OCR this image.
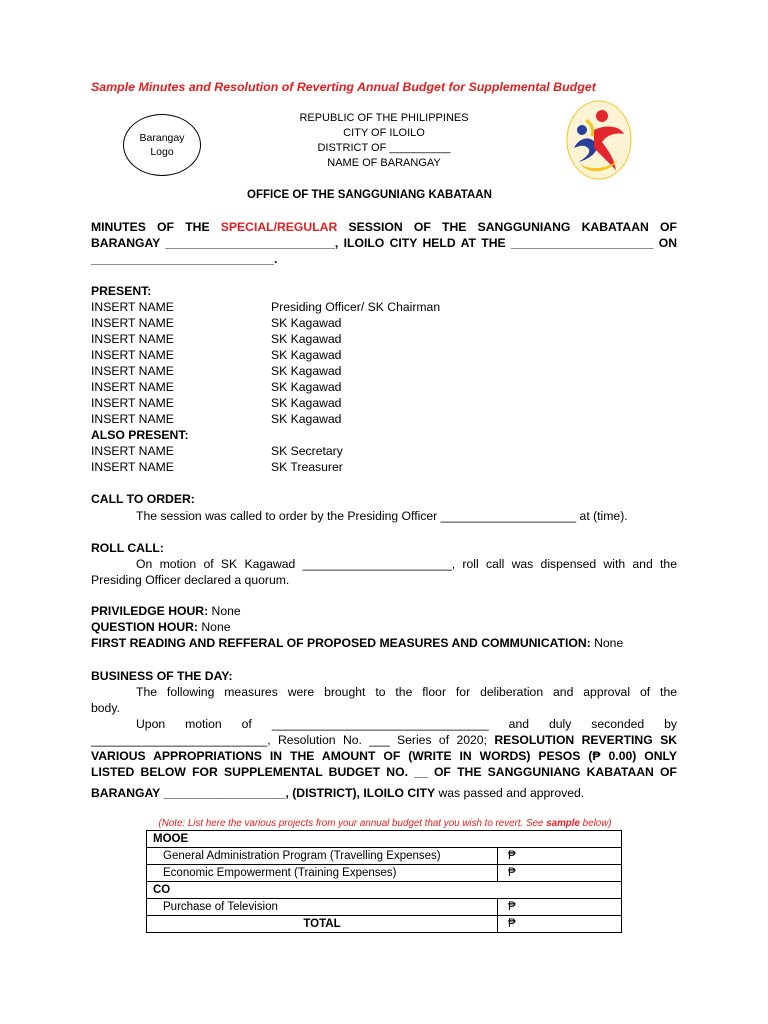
Sample Minutes and Resolution of Reverting Annual Budget for Supplemental Budget
Barangay
Logo
REPUBLIC OF THE PHILIPPINES
CITY OF ILOILO
DISTRICT OF __________
NAME OF BARANGAY
OFFICE OF THE SANGGUNIANG KABATAAN
MINUTES OF THE SPECIAL/REGULAR SESSION OF THE SANGGUNIANG KABATAAN OF
BARANGAY _________________________, ILOILO CITY HELD AT THE _____________________ ON
___________________________.
PRESENT:
INSERT NAME	Presiding Officer/ SK Chairman
INSERT NAME	SK Kagawad
INSERT NAME	SK Kagawad
INSERT NAME	SK Kagawad
INSERT NAME	SK Kagawad
INSERT NAME	SK Kagawad
INSERT NAME	SK Kagawad
INSERT NAME	SK Kagawad
ALSO PRESENT:
INSERT NAME	SK Secretary
INSERT NAME	SK Treasurer
CALL TO ORDER:
The session was called to order by the Presiding Officer ____________________ at (time).
ROLL CALL:
On motion of SK Kagawad ______________________, roll call was dispensed with and the
Presiding Officer declared a quorum.
PRIVILEDGE HOUR: None
QUESTION HOUR: None
FIRST READING AND REFFERAL OF PROPOSED MEASURES AND COMMUNICATION: None
BUSINESS OF THE DAY:
The following measures were brought to the floor for deliberation and approval of the
body.
Upon motion of ________________________________ and duly seconded by
__________________________, Resolution No. ___ Series of 2020; RESOLUTION REVERTING SK
VARIOUS APPROPRIATIONS IN THE AMOUNT OF (WRITE IN WORDS) PESOS (₱ 0.00) ONLY
LISTED BELOW FOR SUPPLEMENTAL BUDGET NO. __ OF THE SANGGUNIANG KABATAAN OF
BARANGAY __________________, (DISTRICT), ILOILO CITY was passed and approved.
(Note: List here the various projects from your annual budget that you wish to revert. See sample below)
MOOE	
General Administration Program (Travelling Expenses)	₱
Economic Empowerment (Training Expenses)	₱
CO	
Purchase of Television	₱
TOTAL	₱
